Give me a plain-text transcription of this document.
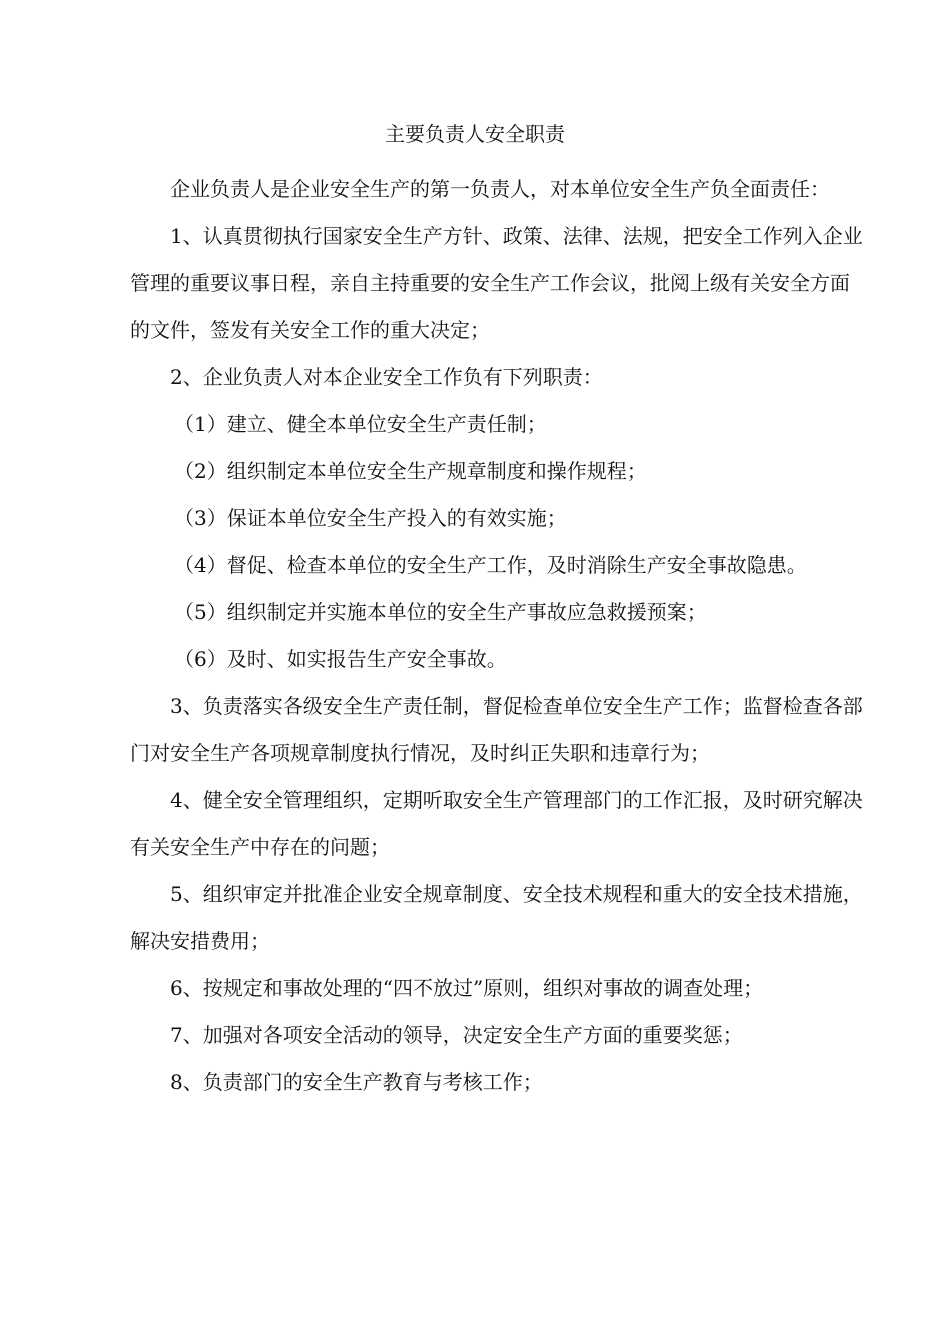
主要负责人安全职责

企业负责人是企业安全生产的第一负责人，对本单位安全生产负全面责任：

1、认真贯彻执行国家安全生产方针、政策、法律、法规，把安全工作列入企业管理的重要议事日程，亲自主持重要的安全生产工作会议，批阅上级有关安全方面的文件，签发有关安全工作的重大决定；

2、企业负责人对本企业安全工作负有下列职责：

（1）建立、健全本单位安全生产责任制；

（2）组织制定本单位安全生产规章制度和操作规程；

（3）保证本单位安全生产投入的有效实施；

（4）督促、检查本单位的安全生产工作，及时消除生产安全事故隐患。

（5）组织制定并实施本单位的安全生产事故应急救援预案；

（6）及时、如实报告生产安全事故。

3、负责落实各级安全生产责任制，督促检查单位安全生产工作；监督检查各部门对安全生产各项规章制度执行情况，及时纠正失职和违章行为；

4、健全安全管理组织，定期听取安全生产管理部门的工作汇报，及时研究解决有关安全生产中存在的问题；

5、组织审定并批准企业安全规章制度、安全技术规程和重大的安全技术措施，解决安措费用；

6、按规定和事故处理的“四不放过”原则，组织对事故的调查处理；

7、加强对各项安全活动的领导，决定安全生产方面的重要奖惩；

8、负责部门的安全生产教育与考核工作；
